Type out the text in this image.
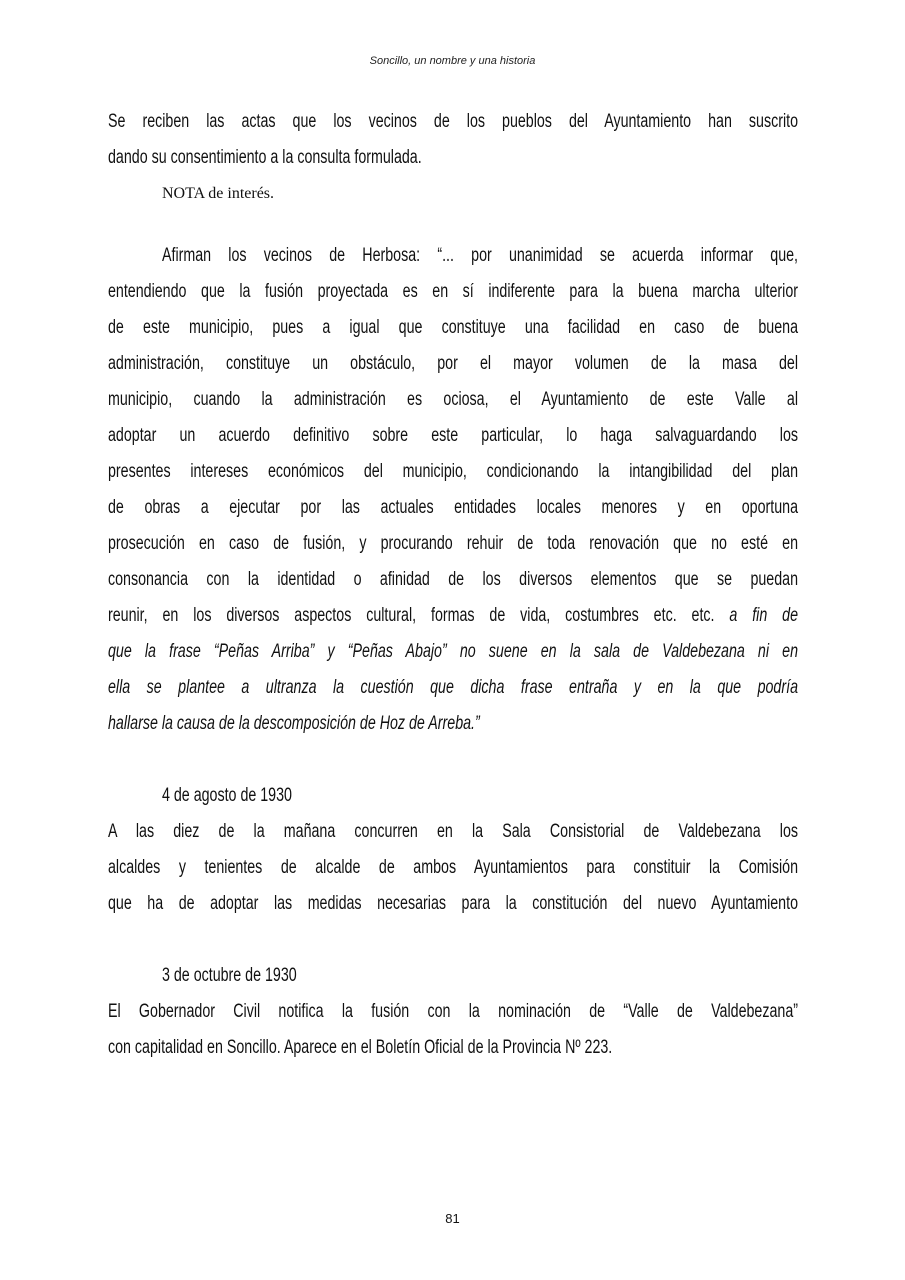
Soncillo, un nombre y una historia
Se reciben las actas que los vecinos de los pueblos del Ayuntamiento han suscrito
dando su consentimiento a la consulta formulada.
NOTA de interés.
Afirman los vecinos de Herbosa: “... por unanimidad se acuerda informar que,
entendiendo que la fusión proyectada es en sí indiferente para la buena marcha ulterior
de este municipio, pues a igual que constituye una facilidad en caso de buena
administración, constituye un obstáculo, por el mayor volumen de la masa del
municipio, cuando la administración es ociosa, el Ayuntamiento de este Valle al
adoptar un acuerdo definitivo sobre este particular, lo haga salvaguardando los
presentes intereses económicos del municipio, condicionando la intangibilidad del plan
de obras a ejecutar por las actuales entidades locales menores y en oportuna
prosecución en caso de fusión, y procurando rehuir de toda renovación que no esté en
consonancia con la identidad o afinidad de los diversos elementos que se puedan
reunir, en los diversos aspectos cultural, formas de vida, costumbres etc. etc. a fin de
que la frase “Peñas Arriba” y “Peñas Abajo” no suene en la sala de Valdebezana ni en
ella se plantee a ultranza la cuestión que dicha frase entraña y en la que podría
hallarse la causa de la descomposición de Hoz de Arreba.”
4 de agosto de 1930
A las diez de la mañana concurren en la Sala Consistorial de Valdebezana los
alcaldes y tenientes de alcalde de ambos Ayuntamientos para constituir la Comisión
que ha de adoptar las medidas necesarias para la constitución del nuevo Ayuntamiento
3 de octubre de 1930
El Gobernador Civil notifica la fusión con la nominación de “Valle de Valdebezana”
con capitalidad en Soncillo. Aparece en el Boletín Oficial de la Provincia Nº 223.
81
